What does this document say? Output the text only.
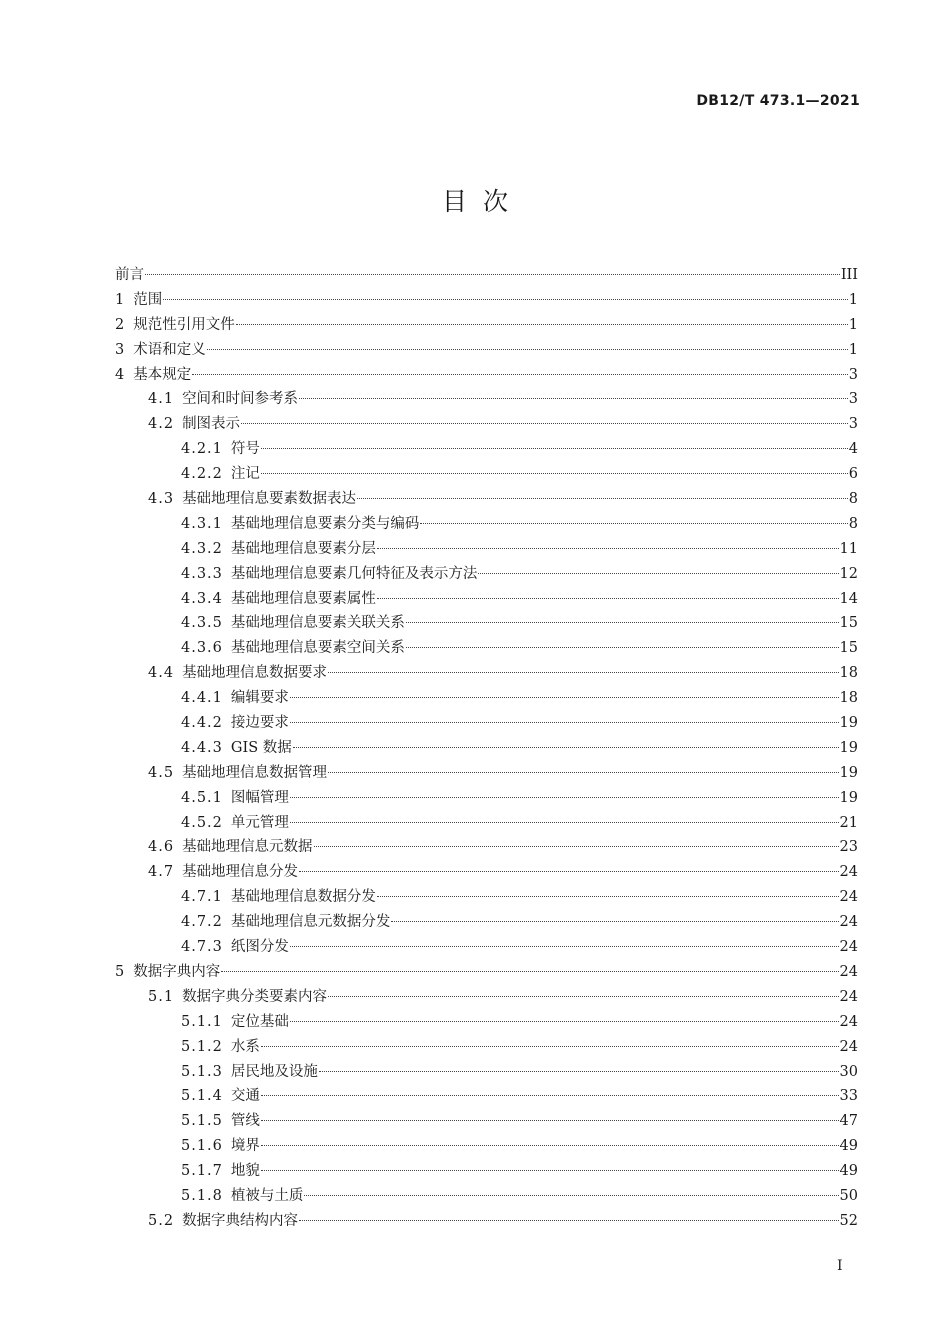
DB12/T 473.1—2021
目  次
前言	III
1 范围	1
2 规范性引用文件	1
3 术语和定义	1
4 基本规定	3
4.1 空间和时间参考系	3
4.2 制图表示	3
4.2.1 符号	4
4.2.2 注记	6
4.3 基础地理信息要素数据表达	8
4.3.1 基础地理信息要素分类与编码	8
4.3.2 基础地理信息要素分层	11
4.3.3 基础地理信息要素几何特征及表示方法	12
4.3.4 基础地理信息要素属性	14
4.3.5 基础地理信息要素关联关系	15
4.3.6 基础地理信息要素空间关系	15
4.4 基础地理信息数据要求	18
4.4.1 编辑要求	18
4.4.2 接边要求	19
4.4.3 GIS 数据	19
4.5 基础地理信息数据管理	19
4.5.1 图幅管理	19
4.5.2 单元管理	21
4.6 基础地理信息元数据	23
4.7 基础地理信息分发	24
4.7.1 基础地理信息数据分发	24
4.7.2 基础地理信息元数据分发	24
4.7.3 纸图分发	24
5 数据字典内容	24
5.1 数据字典分类要素内容	24
5.1.1 定位基础	24
5.1.2 水系	24
5.1.3 居民地及设施	30
5.1.4 交通	33
5.1.5 管线	47
5.1.6 境界	49
5.1.7 地貌	49
5.1.8 植被与土质	50
5.2 数据字典结构内容	52
I
